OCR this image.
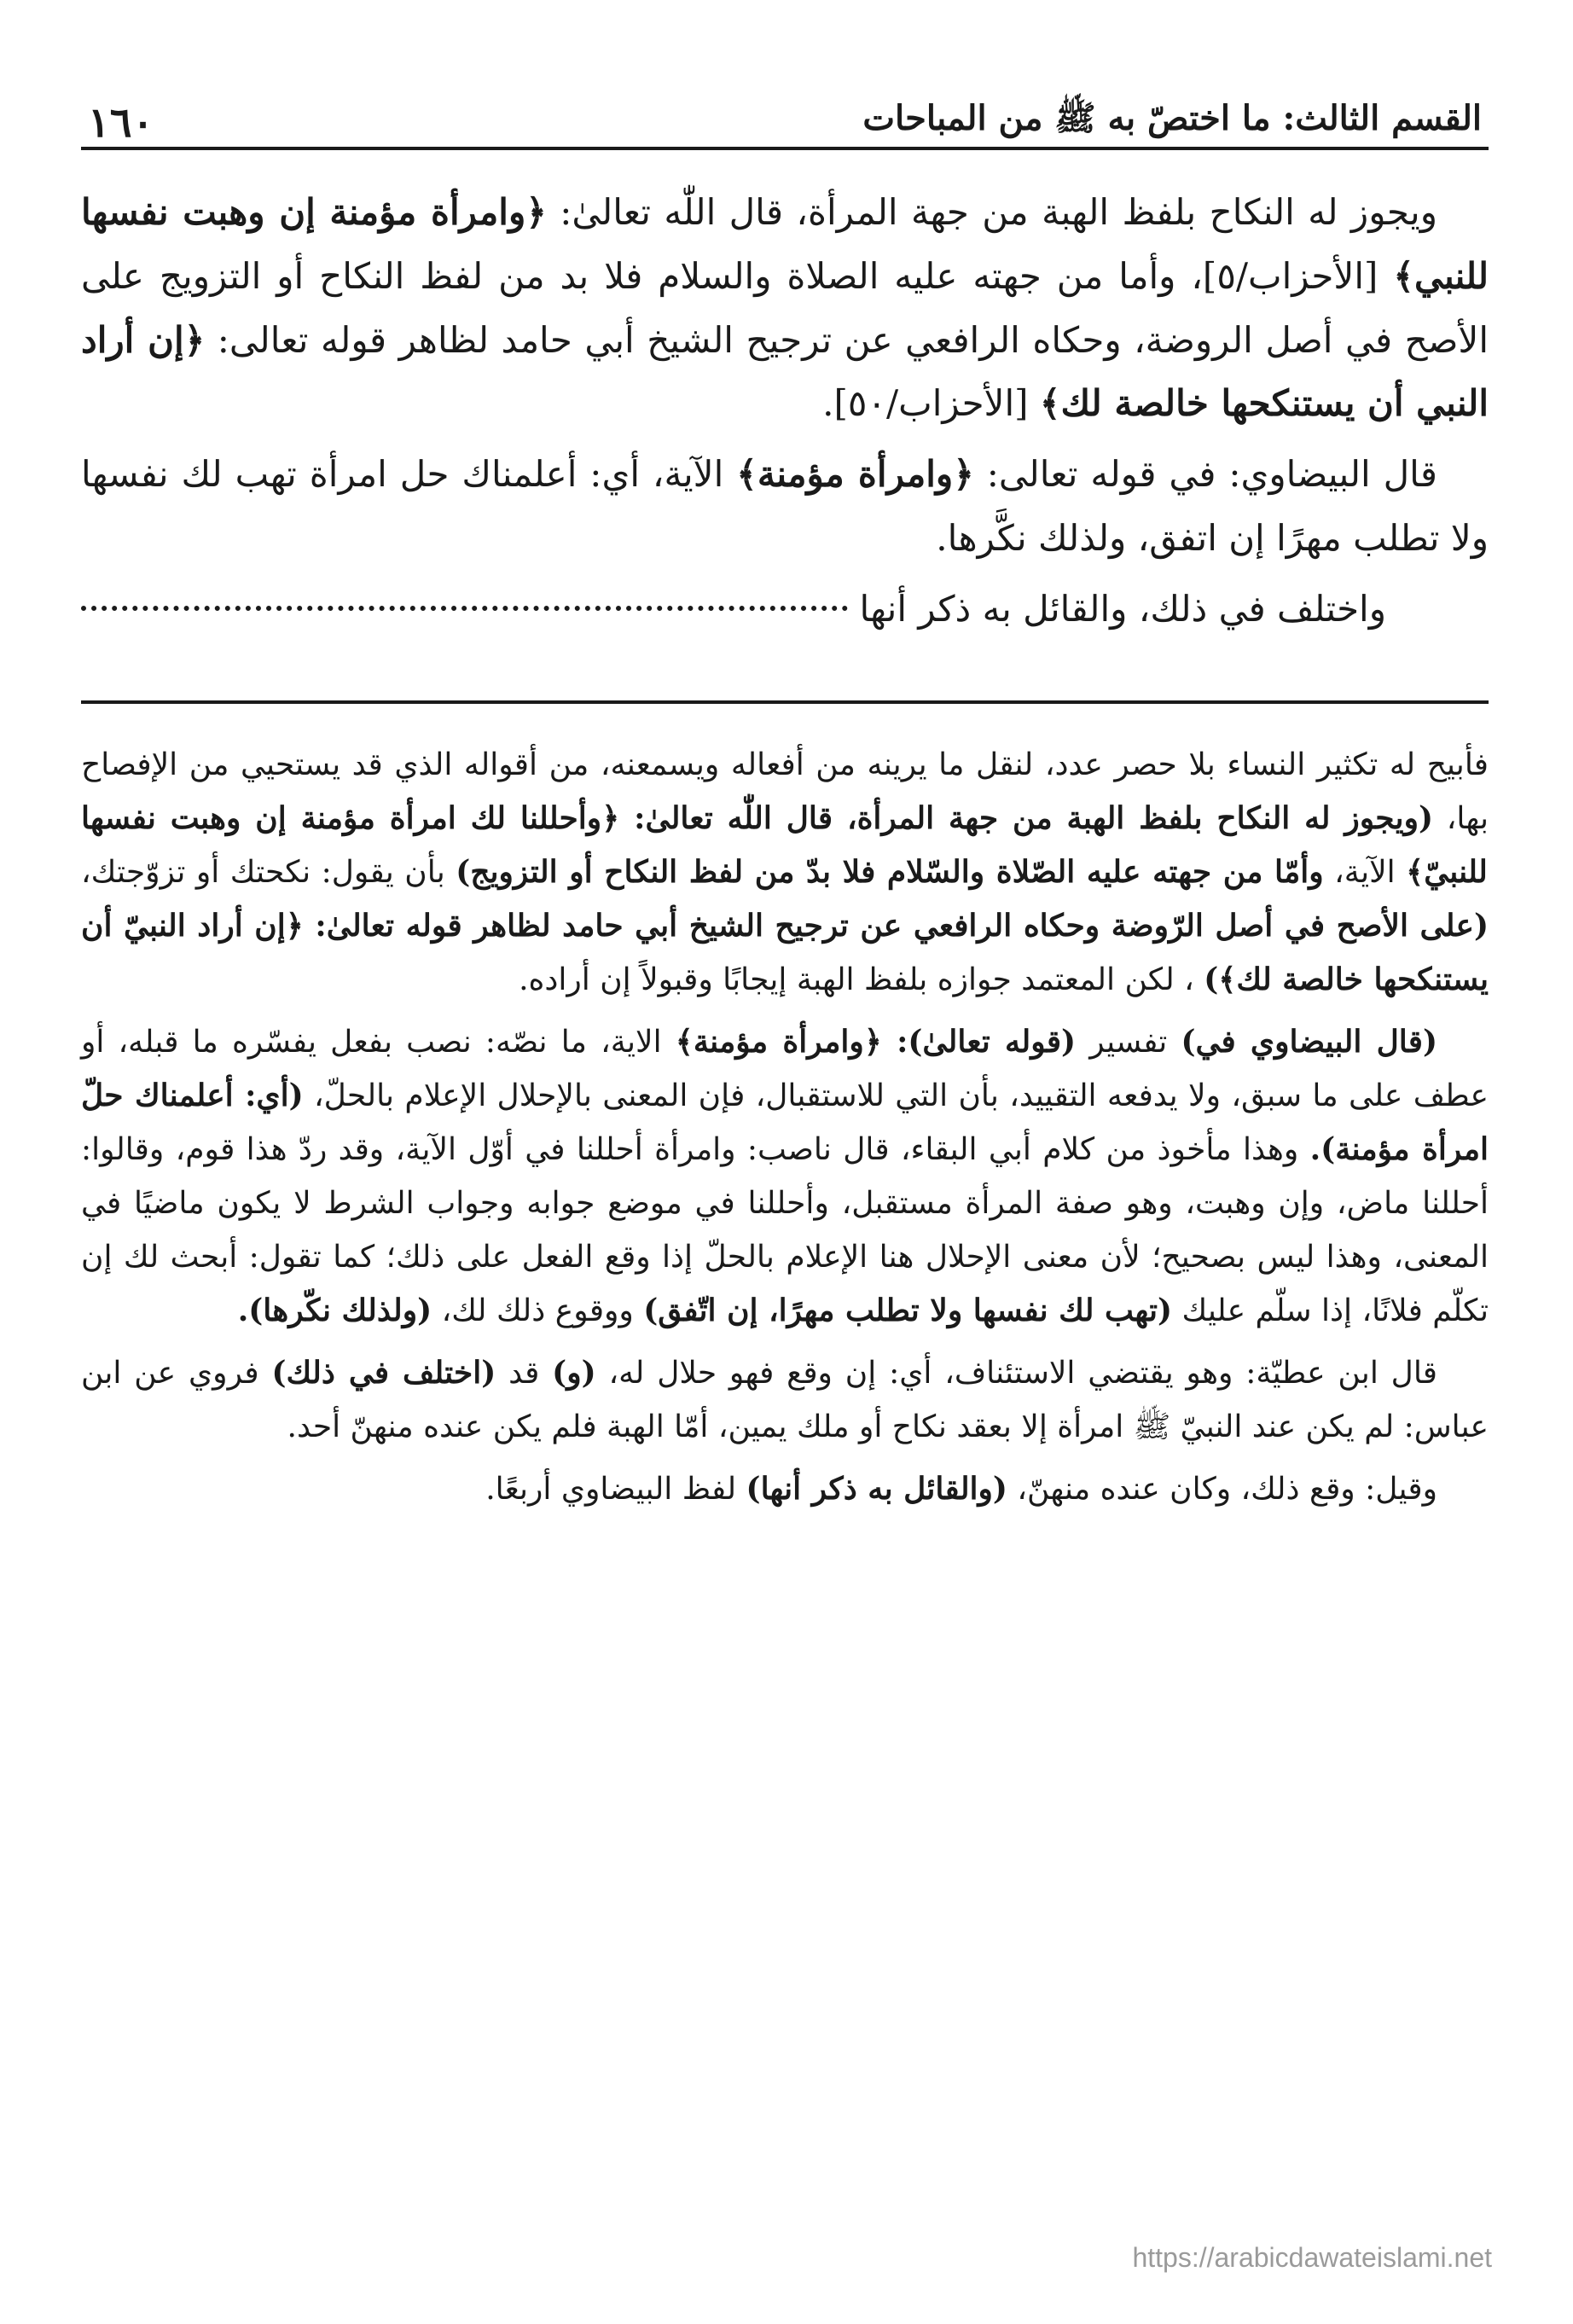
القسم الثالث: ما اختصّ به ﷺ من المباحات
١٦٠

ويجوز له النكاح بلفظ الهبة من جهة المرأة، قال اللّٰه تعالىٰ: ﴿وامرأة مؤمنة إن وهبت نفسها للنبي﴾ [الأحزاب/٥]، وأما من جهته عليه الصلاة والسلام فلا بد من لفظ النكاح أو التزويج على الأصح في أصل الروضة، وحكاه الرافعي عن ترجيح الشيخ أبي حامد لظاهر قوله تعالى: ﴿إن أراد النبي أن يستنكحها خالصة لك﴾ [الأحزاب/٥٠].

قال البيضاوي: في قوله تعالى: ﴿وامرأة مؤمنة﴾ الآية، أي: أعلمناك حل امرأة تهب لك نفسها ولا تطلب مهرًا إن اتفق، ولذلك نكَّرها.

واختلف في ذلك، والقائل به ذكر أنها

فأبيح له تكثير النساء بلا حصر عدد، لنقل ما يرينه من أفعاله ويسمعنه، من أقواله الذي قد يستحيي من الإفصاح بها، (ويجوز له النكاح بلفظ الهبة من جهة المرأة، قال اللّٰه تعالىٰ: ﴿وأحللنا لك امرأة مؤمنة إن وهبت نفسها للنبيّ﴾ الآية، وأمّا من جهته عليه الصّلاة والسّلام فلا بدّ من لفظ النكاح أو التزويج) بأن يقول: نكحتك أو تزوّجتك، (على الأصح في أصل الرّوضة وحكاه الرافعي عن ترجيح الشيخ أبي حامد لظاهر قوله تعالىٰ: ﴿إن أراد النبيّ أن يستنكحها خالصة لك﴾) ، لكن المعتمد جوازه بلفظ الهبة إيجابًا وقبولاً إن أراده.

(قال البيضاوي في) تفسير (قوله تعالىٰ): ﴿وامرأة مؤمنة﴾ الاية، ما نصّه: نصب بفعل يفسّره ما قبله، أو عطف على ما سبق، ولا يدفعه التقييد، بأن التي للاستقبال، فإن المعنى بالإحلال الإعلام بالحلّ، (أي: أعلمناك حلّ امرأة مؤمنة). وهذا مأخوذ من كلام أبي البقاء، قال ناصب: وامرأة أحللنا في أوّل الآية، وقد ردّ هذا قوم، وقالوا: أحللنا ماض، وإن وهبت، وهو صفة المرأة مستقبل، وأحللنا في موضع جوابه وجواب الشرط لا يكون ماضيًا في المعنى، وهذا ليس بصحيح؛ لأن معنى الإحلال هنا الإعلام بالحلّ إذا وقع الفعل على ذلك؛ كما تقول: أبحث لك إن تكلّم فلانًا، إذا سلّم عليك (تهب لك نفسها ولا تطلب مهرًا، إن اتّفق) ووقوع ذلك لك، (ولذلك نكّرها).

قال ابن عطيّة: وهو يقتضي الاستئناف، أي: إن وقع فهو حلال له، (و) قد (اختلف في ذلك) فروي عن ابن عباس: لم يكن عند النبيّ ﷺ امرأة إلا بعقد نكاح أو ملك يمين، أمّا الهبة فلم يكن عنده منهنّ أحد.

وقيل: وقع ذلك، وكان عنده منهنّ، (والقائل به ذكر أنها) لفظ البيضاوي أربعًا.

https://arabicdawateislami.net
